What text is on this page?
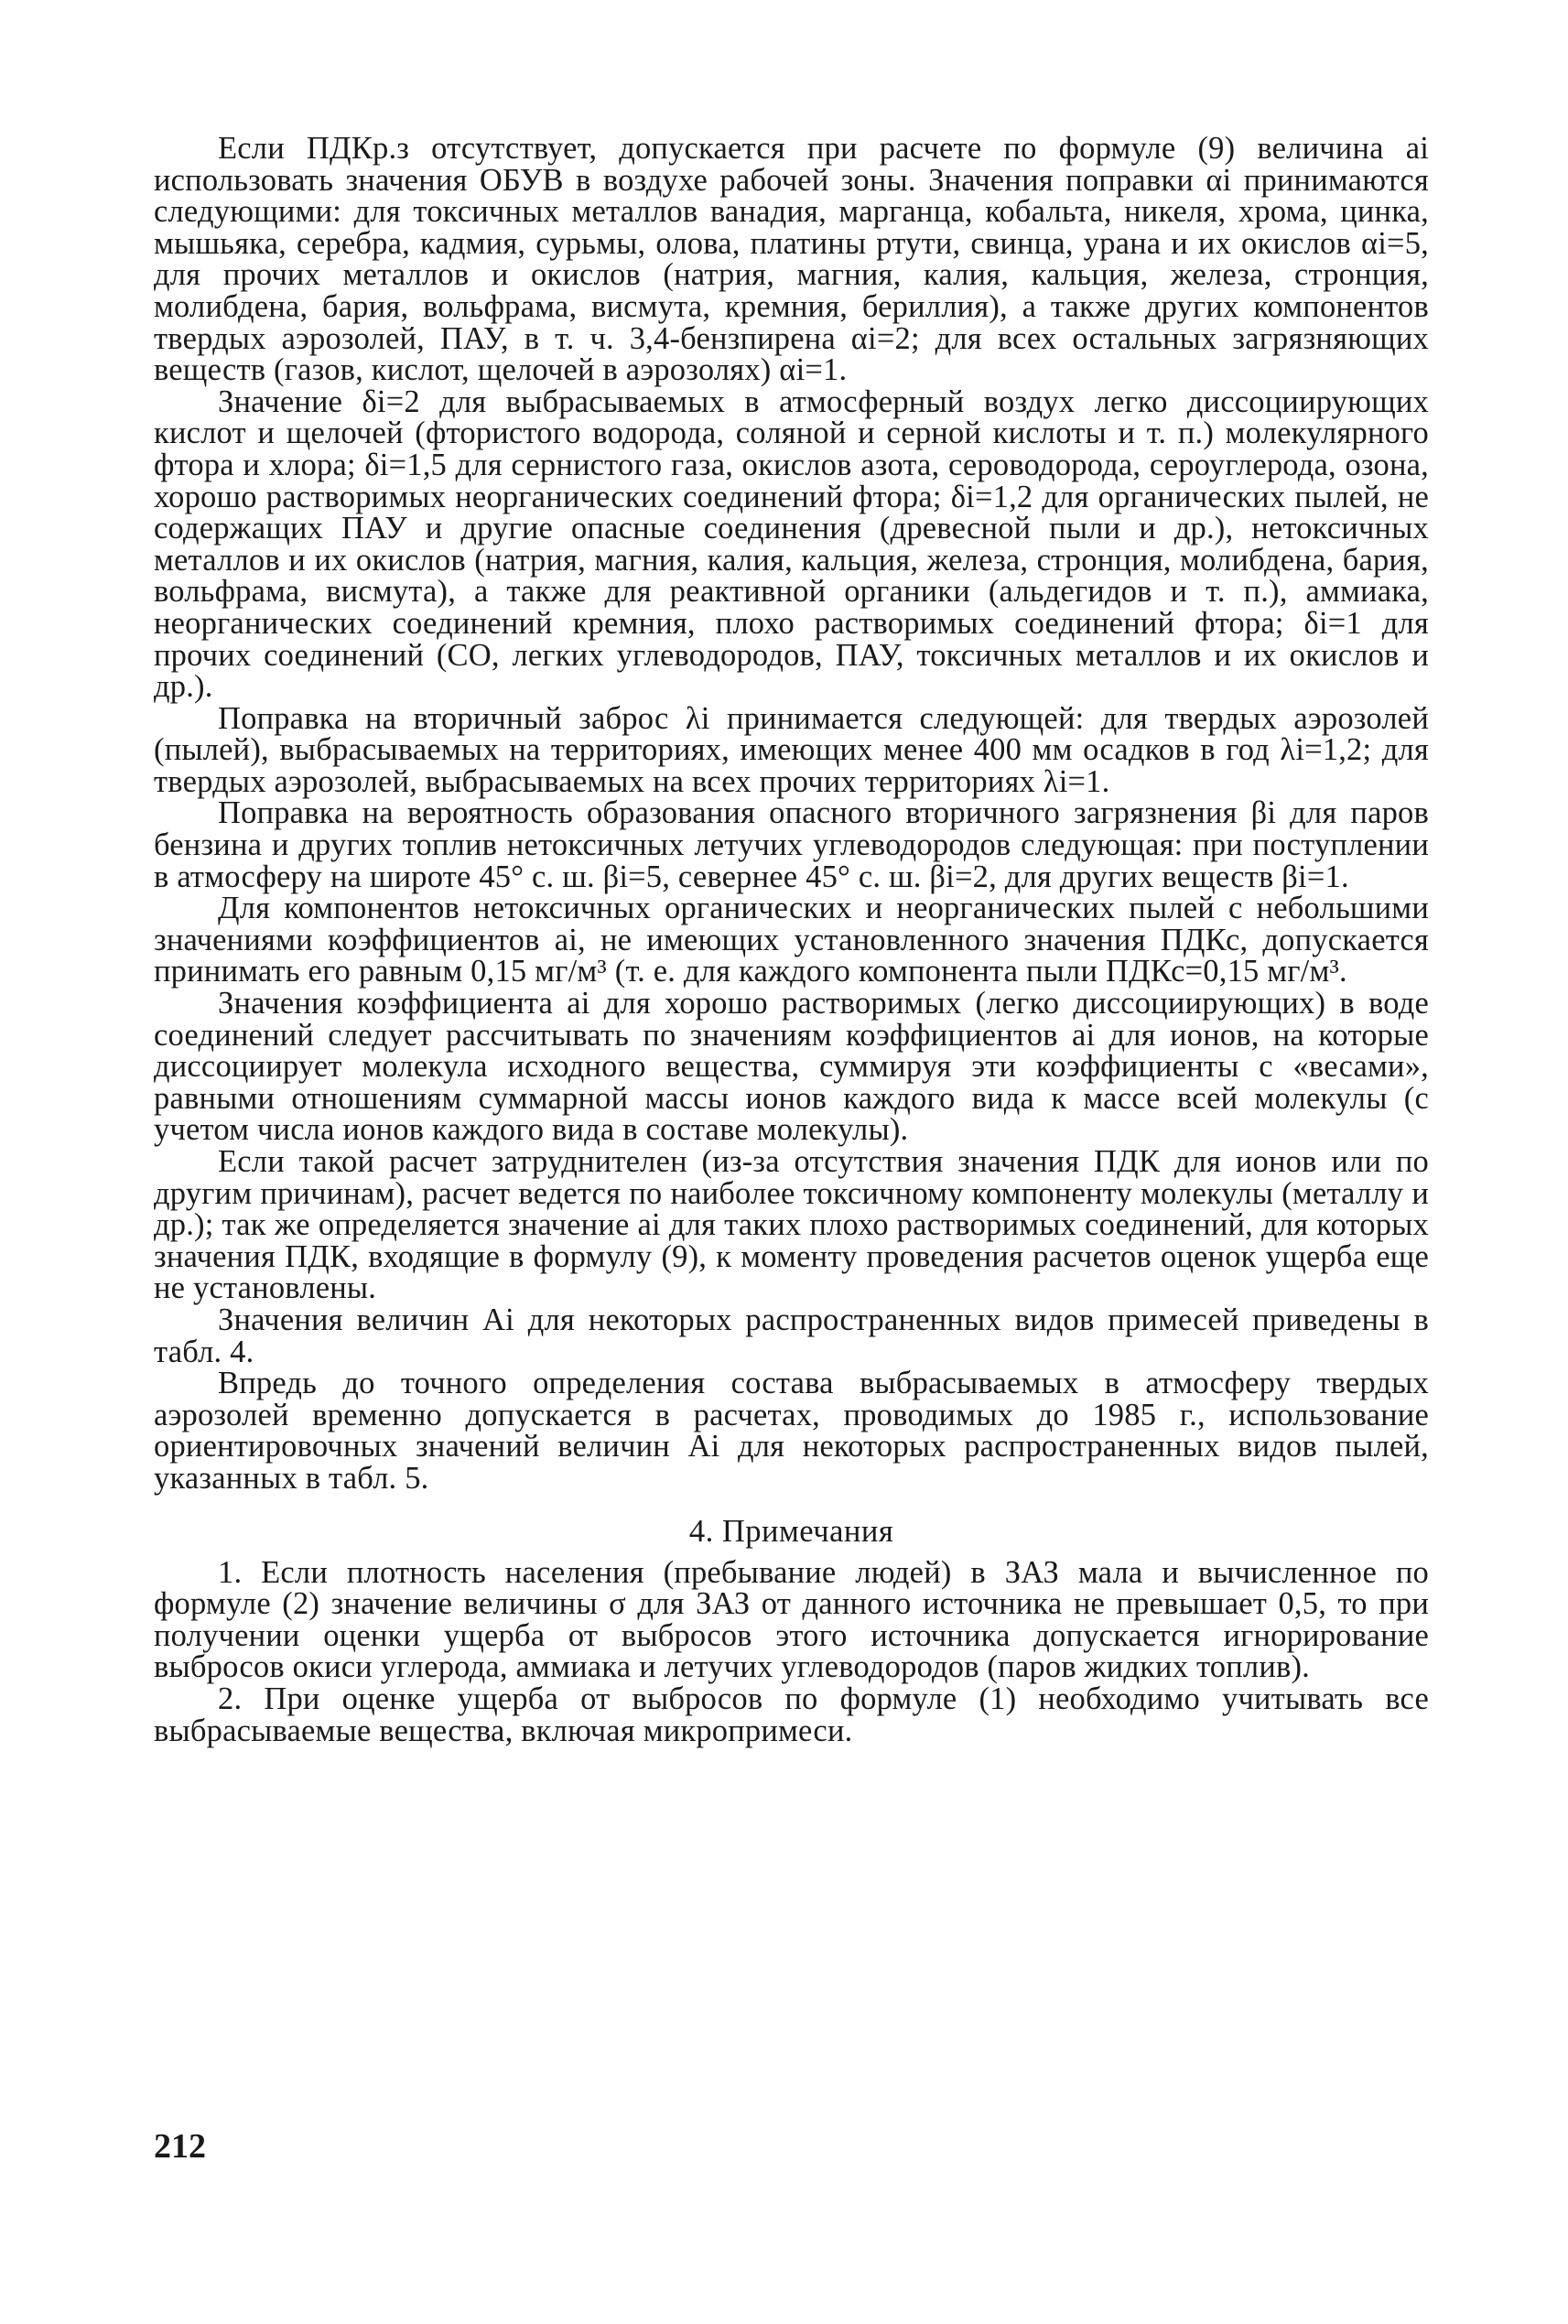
Если ПДКр.з отсутствует, допускается при расчете по формуле (9) величина ai использовать значения ОБУВ в воздухе рабочей зоны. Значения поправки αi принимаются следующими: для токсичных металлов ванадия, марганца, кобальта, никеля, хрома, цинка, мышьяка, серебра, кадмия, сурьмы, олова, платины ртути, свинца, урана и их окислов αi=5, для прочих металлов и окислов (натрия, магния, калия, кальция, железа, стронция, молибдена, бария, вольфрама, висмута, кремния, бериллия), а также других компонентов твердых аэрозолей, ПАУ, в т. ч. 3,4-бензпирена αi=2; для всех остальных загрязняющих веществ (газов, кислот, щелочей в аэрозолях) αi=1.

Значение δi=2 для выбрасываемых в атмосферный воздух легко диссоциирующих кислот и щелочей (фтористого водорода, соляной и серной кислоты и т. п.) молекулярного фтора и хлора; δi=1,5 для сернистого газа, окислов азота, сероводорода, сероуглерода, озона, хорошо растворимых неорганических соединений фтора; δi=1,2 для органических пылей, не содержащих ПАУ и другие опасные соединения (древесной пыли и др.), нетоксичных металлов и их окислов (натрия, магния, калия, кальция, железа, стронция, молибдена, бария, вольфрама, висмута), а также для реактивной органики (альдегидов и т. п.), аммиака, неорганических соединений кремния, плохо растворимых соединений фтора; δi=1 для прочих соединений (СО, легких углеводородов, ПАУ, токсичных металлов и их окислов и др.).

Поправка на вторичный заброс λi принимается следующей: для твердых аэрозолей (пылей), выбрасываемых на территориях, имеющих менее 400 мм осадков в год λi=1,2; для твердых аэрозолей, выбрасываемых на всех прочих территориях λi=1.

Поправка на вероятность образования опасного вторичного загрязнения βi для паров бензина и других топлив нетоксичных летучих углеводородов следующая: при поступлении в атмосферу на широте 45° с. ш. βi=5, севернее 45° с. ш. βi=2, для других веществ βi=1.

Для компонентов нетоксичных органических и неорганических пылей с небольшими значениями коэффициентов ai, не имеющих установленного значения ПДКс, допускается принимать его равным 0,15 мг/м³ (т. е. для каждого компонента пыли ПДКс=0,15 мг/м³.

Значения коэффициента ai для хорошо растворимых (легко диссоциирующих) в воде соединений следует рассчитывать по значениям коэффициентов ai для ионов, на которые диссоциирует молекула исходного вещества, суммируя эти коэффициенты с «весами», равными отношениям суммарной массы ионов каждого вида к массе всей молекулы (с учетом числа ионов каждого вида в составе молекулы).

Если такой расчет затруднителен (из-за отсутствия значения ПДК для ионов или по другим причинам), расчет ведется по наиболее токсичному компоненту молекулы (металлу и др.); так же определяется значение ai для таких плохо растворимых соединений, для которых значения ПДК, входящие в формулу (9), к моменту проведения расчетов оценок ущерба еще не установлены.

Значения величин Ai для некоторых распространенных видов примесей приведены в табл. 4.

Впредь до точного определения состава выбрасываемых в атмосферу твердых аэрозолей временно допускается в расчетах, проводимых до 1985 г., использование ориентировочных значений величин Ai для некоторых распространенных видов пылей, указанных в табл. 5.

4. Примечания

1. Если плотность населения (пребывание людей) в ЗАЗ мала и вычисленное по формуле (2) значение величины σ для ЗАЗ от данного источника не превышает 0,5, то при получении оценки ущерба от выбросов этого источника допускается игнорирование выбросов окиси углерода, аммиака и летучих углеводородов (паров жидких топлив).

2. При оценке ущерба от выбросов по формуле (1) необходимо учитывать все выбрасываемые вещества, включая микропримеси.

212
